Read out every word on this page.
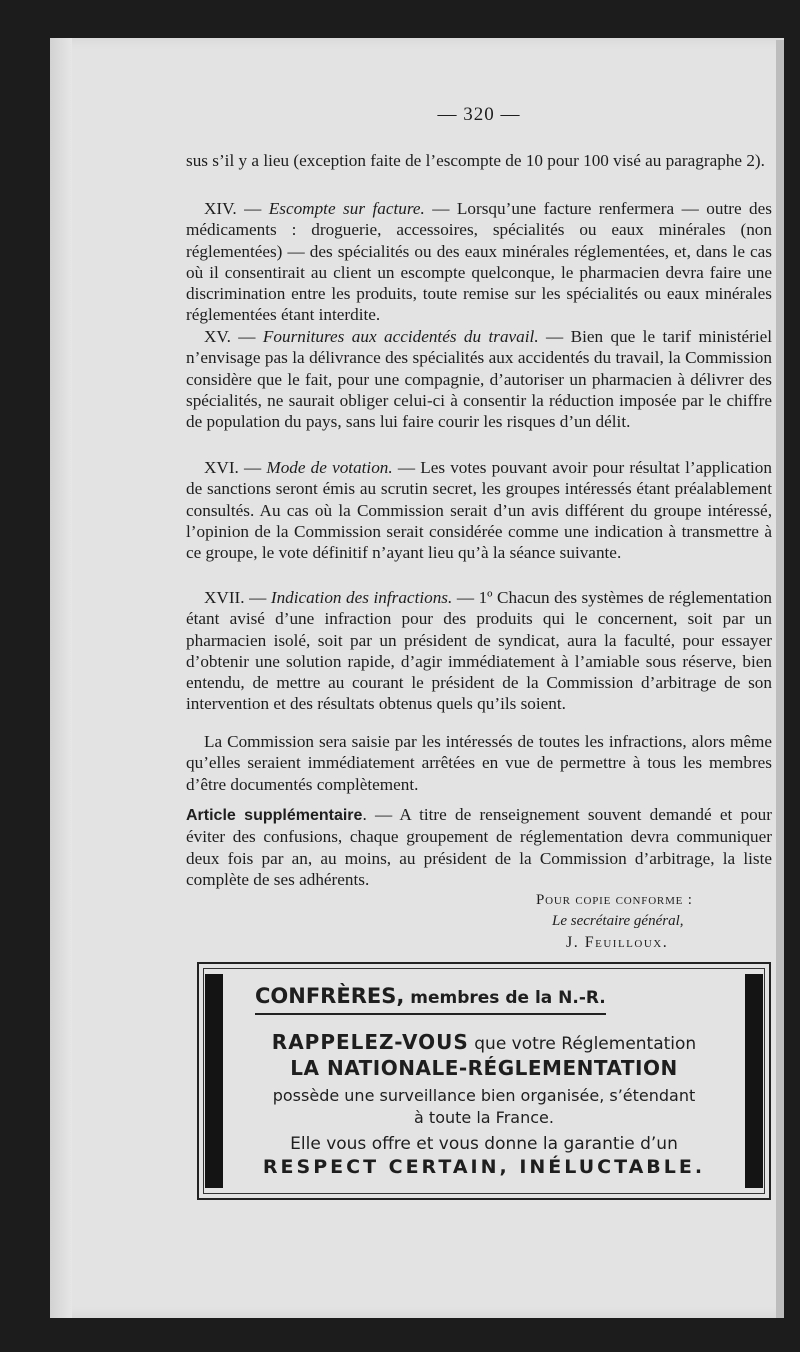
— 320 —
sus s’il y a lieu (exception faite de l’escompte de 10 pour 100 visé au paragraphe 2).
XIV. — Escompte sur facture. — Lorsqu’une facture renfermera — outre des médicaments : droguerie, accessoires, spécialités ou eaux minérales (non réglementées) — des spécialités ou des eaux minérales réglementées, et, dans le cas où il consentirait au client un escompte quelconque, le pharmacien devra faire une discrimination entre les produits, toute remise sur les spécialités ou eaux minérales réglementées étant interdite.
XV. — Fournitures aux accidentés du travail. — Bien que le tarif ministériel n’envisage pas la délivrance des spécialités aux accidentés du travail, la Commission considère que le fait, pour une compagnie, d’autoriser un pharmacien à délivrer des spécialités, ne saurait obliger celui-ci à consentir la réduction imposée par le chiffre de population du pays, sans lui faire courir les risques d’un délit.
XVI. — Mode de votation. — Les votes pouvant avoir pour résultat l’application de sanctions seront émis au scrutin secret, les groupes intéressés étant préalablement consultés. Au cas où la Commission serait d’un avis différent du groupe intéressé, l’opinion de la Commission serait considérée comme une indication à transmettre à ce groupe, le vote définitif n’ayant lieu qu’à la séance suivante.
XVII. — Indication des infractions. — 1º Chacun des systèmes de réglementation étant avisé d’une infraction pour des produits qui le concernent, soit par un pharmacien isolé, soit par un président de syndicat, aura la faculté, pour essayer d’obtenir une solution rapide, d’agir immédiatement à l’amiable sous réserve, bien entendu, de mettre au courant le président de la Commission d’arbitrage de son intervention et des résultats obtenus quels qu’ils soient.
La Commission sera saisie par les intéressés de toutes les infractions, alors même qu’elles seraient immédiatement arrêtées en vue de permettre à tous les membres d’être documentés complètement.
Article supplémentaire. — A titre de renseignement souvent demandé et pour éviter des confusions, chaque groupement de réglementation devra communiquer deux fois par an, au moins, au président de la Commission d’arbitrage, la liste complète de ses adhérents.
Pour copie conforme :
Le secrétaire général,
J. Feuilloux.
CONFRÈRES, membres de la N.-R.
RAPPELEZ-VOUS que votre Réglementation
LA NATIONALE-RÉGLEMENTATION
possède une surveillance bien organisée, s’étendant
à toute la France.
Elle vous offre et vous donne la garantie d’un
RESPECT CERTAIN, INÉLUCTABLE.
